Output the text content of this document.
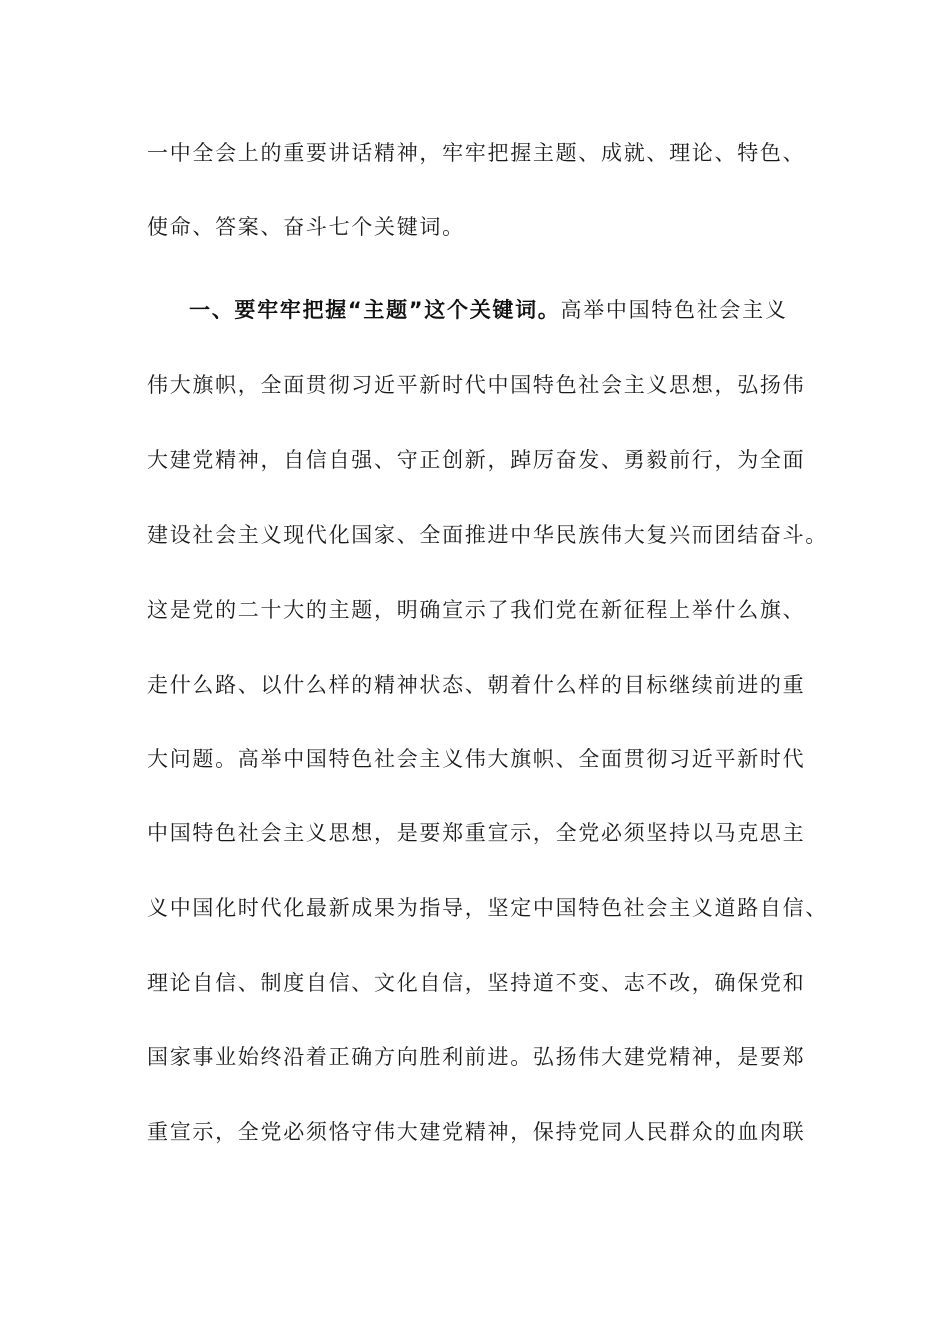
一中全会上的重要讲话精神，牢牢把握主题、成就、理论、特色、
使命、答案、奋斗七个关键词。
一、要牢牢把握“主题”这个关键词。高举中国特色社会主义
伟大旗帜，全面贯彻习近平新时代中国特色社会主义思想，弘扬伟
大建党精神，自信自强、守正创新，踔厉奋发、勇毅前行，为全面
建设社会主义现代化国家、全面推进中华民族伟大复兴而团结奋斗。
这是党的二十大的主题，明确宣示了我们党在新征程上举什么旗、
走什么路、以什么样的精神状态、朝着什么样的目标继续前进的重
大问题。高举中国特色社会主义伟大旗帜、全面贯彻习近平新时代
中国特色社会主义思想，是要郑重宣示，全党必须坚持以马克思主
义中国化时代化最新成果为指导，坚定中国特色社会主义道路自信、
理论自信、制度自信、文化自信，坚持道不变、志不改，确保党和
国家事业始终沿着正确方向胜利前进。弘扬伟大建党精神，是要郑
重宣示，全党必须恪守伟大建党精神，保持党同人民群众的血肉联
